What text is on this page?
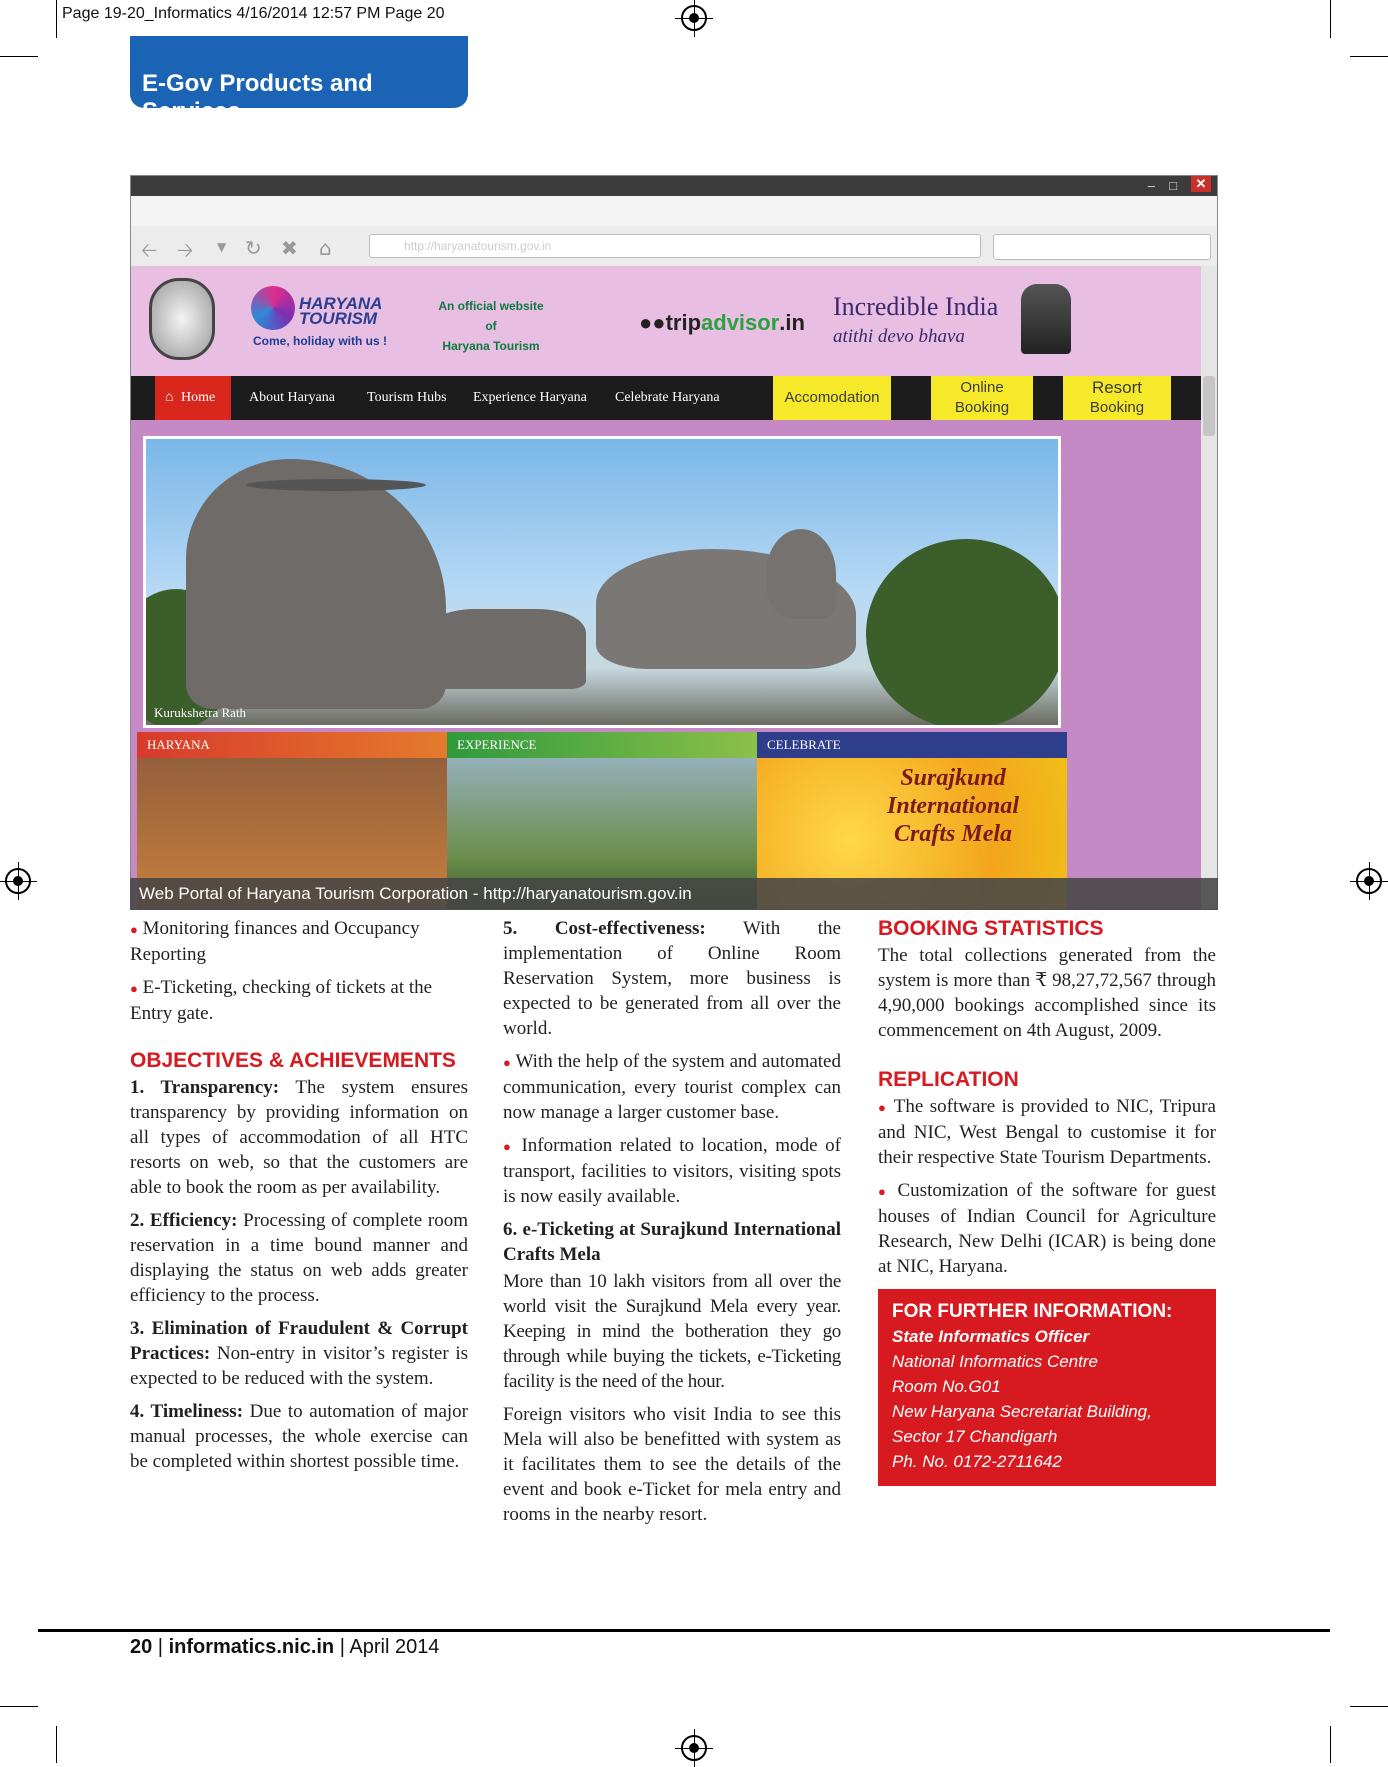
Page 19-20_Informatics 4/16/2014 12:57 PM Page 20
E-Gov Products and Services
– □	✕
🡠 🡢 ▼ ↻ ✖ ⌂	http://haryanatourism.gov.in
HARYANA
TOURISM
Come, holiday with us !
An official website
of
Haryana Tourism
●●tripadvisor.in
Incredible India
atithi devo bhava
⌂ Home About Haryana Tourism Hubs Experience Haryana Celebrate Haryana	Accomodation
Online
Booking
Resort
Booking
Kurukshetra Rath
HARYANA	EXPERIENCE	CELEBRATE
Surajkund
International
Crafts Mela
Web Portal of Haryana Tourism Corporation - http://haryanatourism.gov.in

● Monitoring finances and Occupancy Reporting

● E-Ticketing, checking of tickets at the Entry gate.

OBJECTIVES & ACHIEVEMENTS

1. Transparency: The system ensures transparency by providing information on all types of accommodation of all HTC resorts on web, so that the customers are able to book the room as per availability.

2. Efficiency: Processing of complete room reservation in a time bound manner and displaying the status on web adds greater efficiency to the process.

3. Elimination of Fraudulent & Corrupt Practices: Non-entry in visitor’s register is expected to be reduced with the system.

4. Timeliness: Due to automation of major manual processes, the whole exercise can be completed within shortest possible time.

5. Cost-effectiveness: With the implementation of Online Room Reservation System, more business is expected to be generated from all over the world.

● With the help of the system and automated communication, every tourist complex can now manage a larger customer base.

● Information related to location, mode of transport, facilities to visitors, visiting spots is now easily available.

6. e-Ticketing at Surajkund International Crafts Mela

More than 10 lakh visitors from all over the world visit the Surajkund Mela every year. Keeping in mind the botheration they go through while buying the tickets, e-Ticketing facility is the need of the hour.

Foreign visitors who visit India to see this Mela will also be benefitted with system as it facilitates them to see the details of the event and book e-Ticket for mela entry and rooms in the nearby resort.

BOOKING STATISTICS

The total collections generated from the system is more than ₹ 98,27,72,567 through 4,90,000 bookings accomplished since its commencement on 4th August, 2009.

REPLICATION

● The software is provided to NIC, Tripura and NIC, West Bengal to customise it for their respective State Tourism Departments.

● Customization of the software for guest houses of Indian Council for Agriculture Research, New Delhi (ICAR) is being done at NIC, Haryana.

FOR FURTHER INFORMATION:
State Informatics Officer
National Informatics Centre
Room No.G01
New Haryana Secretariat Building,
Sector 17 Chandigarh
Ph. No. 0172-2711642
20 | informatics.nic.in | April 2014
